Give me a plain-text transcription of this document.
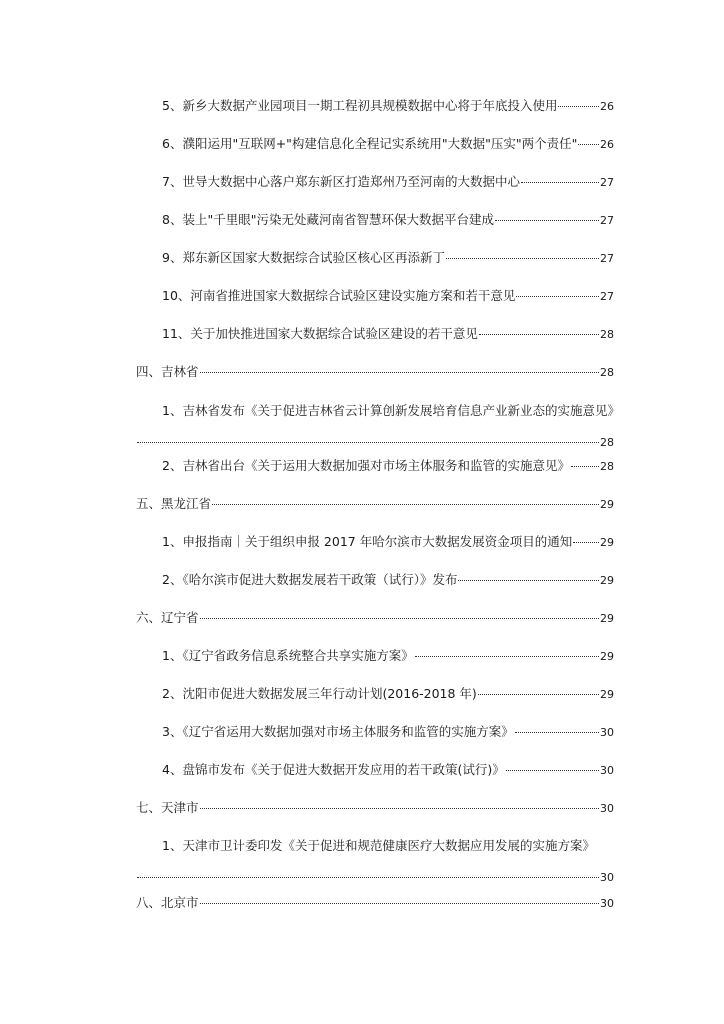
5、新乡大数据产业园项目一期工程初具规模数据中心将于年底投入使用	26
6、濮阳运用"互联网+"构建信息化全程记实系统用"大数据"压实"两个责任" 26
7、世导大数据中心落户郑东新区打造郑州乃至河南的大数据中心	27
8、装上"千里眼"污染无处藏河南省智慧环保大数据平台建成	27
9、郑东新区国家大数据综合试验区核心区再添新丁	27
10、河南省推进国家大数据综合试验区建设实施方案和若干意见	27
11、关于加快推进国家大数据综合试验区建设的若干意见	28
四、吉林省	28
1、吉林省发布《关于促进吉林省云计算创新发展培育信息产业新业态的实施意见》
28
2、吉林省出台《关于运用大数据加强对市场主体服务和监管的实施意见》	28
五、黑龙江省	29
1、申报指南｜关于组织申报 2017 年哈尔滨市大数据发展资金项目的通知	29
2、《哈尔滨市促进大数据发展若干政策（试行）》发布	29
六、辽宁省	29
1、《辽宁省政务信息系统整合共享实施方案》	29
2、沈阳市促进大数据发展三年行动计划(2016-2018 年)	29
3、《辽宁省运用大数据加强对市场主体服务和监管的实施方案》	30
4、盘锦市发布《关于促进大数据开发应用的若干政策(试行)》	30
七、天津市	30
1、天津市卫计委印发《关于促进和规范健康医疗大数据应用发展的实施方案》
30
八、北京市	30
